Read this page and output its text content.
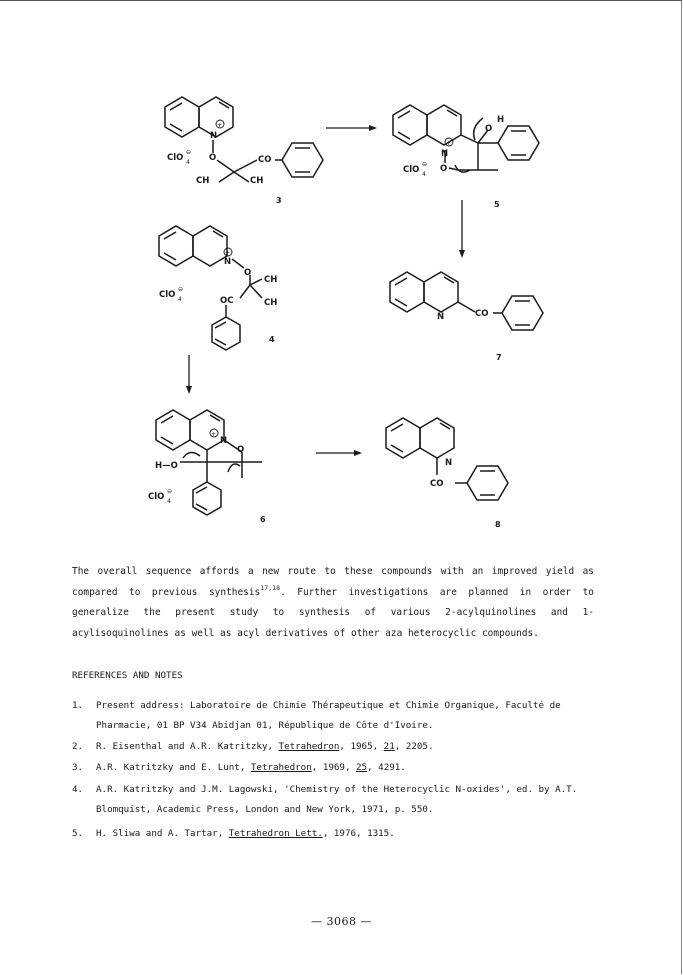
+
N
O
ClO
⊖
4	CO
CH	CH
3
+
N
O
H
O
ClO
⊖
4
5
+
N
O
CH
CH
OC
ClO
⊖
4
4
N	CO
7
+
N
O
H—O
ClO
⊖
4
6
N
CO
8
The overall sequence affords a new route to these compounds with an improved yield as compared to previous synthesis$^{17,18}$. Further investigations are planned in order to generalize the present study to synthesis of various 2-acylquinolines and 1-acylisoquinolines as well as acyl derivatives of other aza heterocyclic compounds.
REFERENCES AND NOTES
1. Present address: Laboratoire de Chimie Thérapeutique et Chimie Organique, Faculté de Pharmacie, 01 BP V34 Abidjan 01, République de Côte d'Ivoire.
2. R. Eisenthal and A.R. Katritzky, Tetrahedron, 1965, 21, 2205.
3. A.R. Katritzky and E. Lunt, Tetrahedron, 1969, 25, 4291.
4. A.R. Katritzky and J.M. Lagowski, 'Chemistry of the Heterocyclic N-oxides', ed. by A.T. Blomquist, Academic Press, London and New York, 1971, p. 550.
5. H. Sliwa and A. Tartar, Tetrahedron Lett., 1976, 1315.
— 3068 —
